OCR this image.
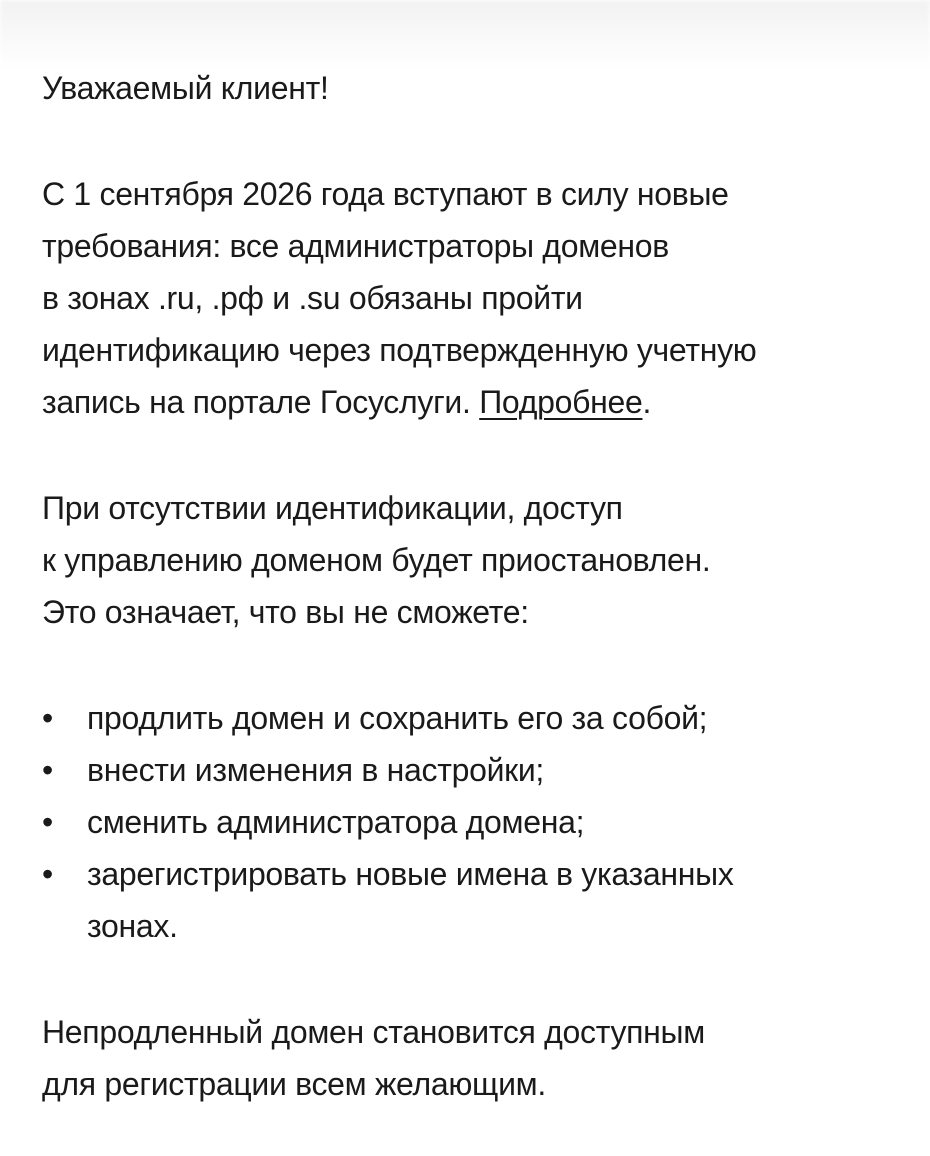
Уважаемый клиент!
С 1 сентября 2026 года вступают в силу новые
требования: все администраторы доменов
в зонах .ru, .рф и .su обязаны пройти
идентификацию через подтвержденную учетную
запись на портале Госуслуги. Подробнее.
При отсутствии идентификации, доступ
к управлению доменом будет приостановлен.
Это означает, что вы не сможете:
• продлить домен и сохранить его за собой;
• внести изменения в настройки;
• сменить администратора домена;
• зарегистрировать новые имена в указанных
зонах.
Непродленный домен становится доступным
для регистрации всем желающим.
